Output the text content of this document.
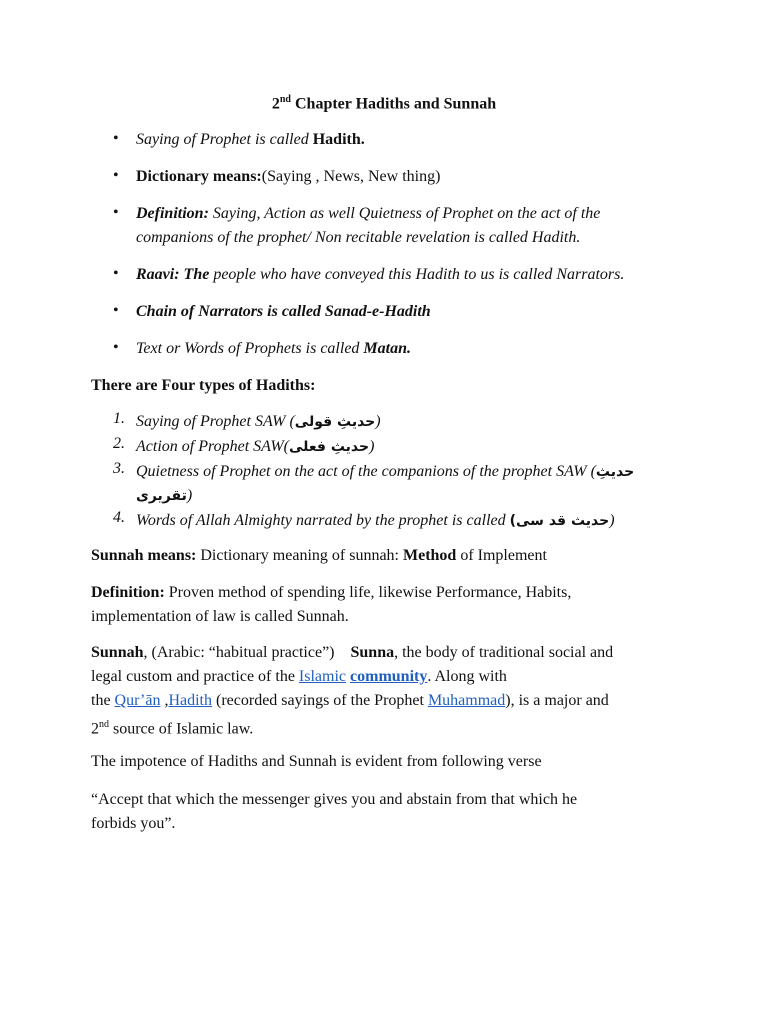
2nd Chapter Hadiths and Sunnah
•	Saying of Prophet is called Hadith.
•	Dictionary means:(Saying , News, New thing)
•	Definition: Saying, Action as well Quietness of Prophet on the act of the
companions of the prophet/ Non recitable revelation is called Hadith.
•	Raavi: The people who have conveyed this Hadith to us is called Narrators.
•	Chain of Narrators is called Sanad-e-Hadith
•	Text or Words of Prophets is called Matan.
There are Four types of Hadiths:
1. Saying of Prophet SAW (حدیثِ قولی)
2. Action of Prophet SAW(حدیثِ فعلی)
3. Quietness of Prophet on the act of the companions of the prophet SAW (حدیثِ
تقریری)
4. Words of Allah Almighty narrated by the prophet is called (حدیث قد سی)
Sunnah means: Dictionary meaning of sunnah: Method of Implement
Definition: Proven method of spending life, likewise Performance, Habits,
implementation of law is called Sunnah.
Sunnah, (Arabic: “habitual practice”)    Sunna, the body of traditional social and
legal custom and practice of the Islamic community. Along with
the Qur’ān ,Hadith (recorded sayings of the Prophet Muhammad), is a major and
2nd source of Islamic law.
The impotence of Hadiths and Sunnah is evident from following verse
“Accept that which the messenger gives you and abstain from that which he
forbids you”.
